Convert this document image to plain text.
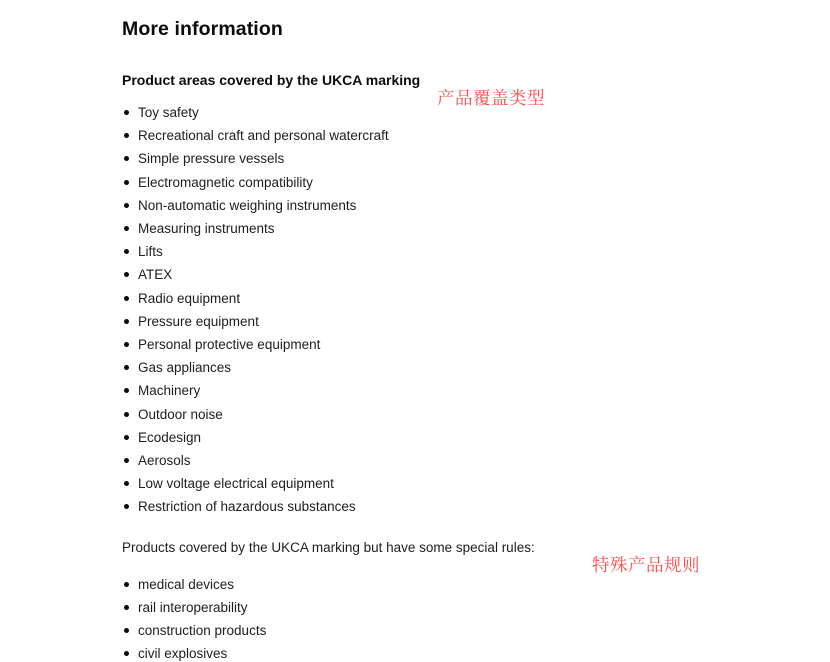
More information
Product areas covered by the UKCA marking
Toy safety
Recreational craft and personal watercraft
Simple pressure vessels
Electromagnetic compatibility
Non-automatic weighing instruments
Measuring instruments
Lifts
ATEX
Radio equipment
Pressure equipment
Personal protective equipment
Gas appliances
Machinery
Outdoor noise
Ecodesign
Aerosols
Low voltage electrical equipment
Restriction of hazardous substances

Products covered by the UKCA marking but have some special rules:

medical devices
rail interoperability
construction products
civil explosives
产品覆盖类型
特殊产品规则
